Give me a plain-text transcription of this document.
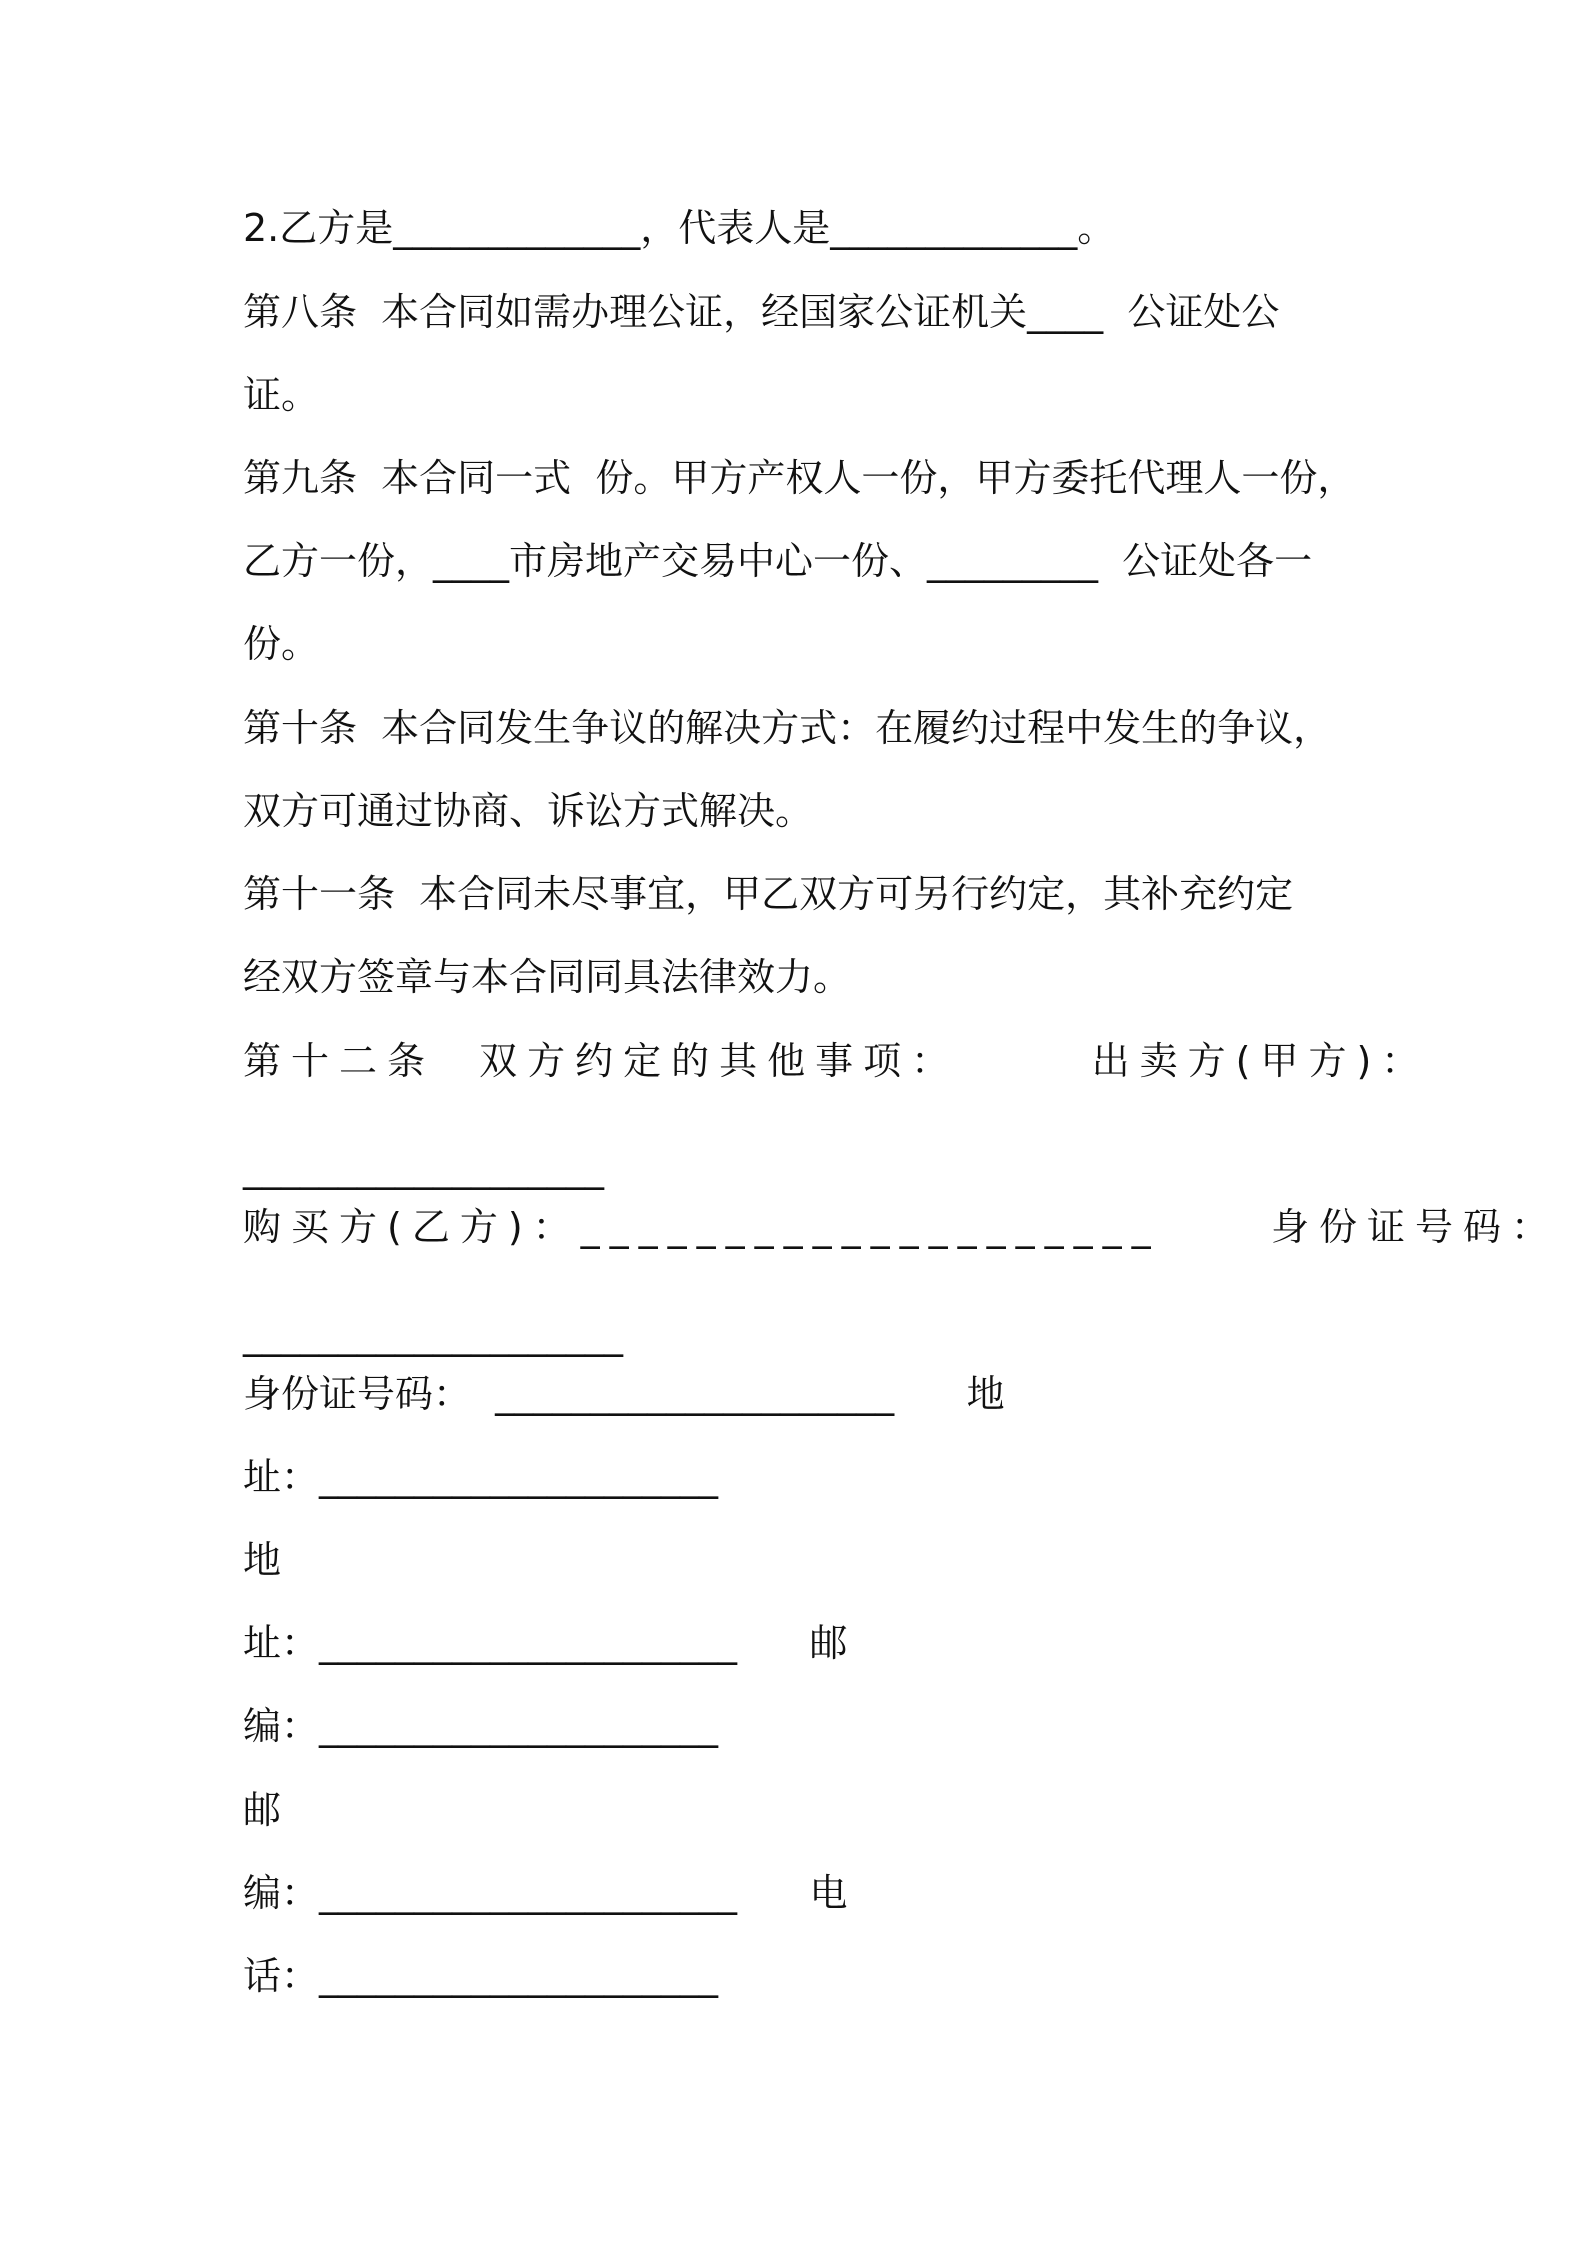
2.乙方是_____________，代表人是_____________。
第八条  本合同如需办理公证，经国家公证机关____  公证处公
证。
第九条  本合同一式  份。甲方产权人一份，甲方委托代理人一份，
乙方一份，____市房地产交易中心一份、_________  公证处各一
份。
第十条  本合同发生争议的解决方式：在履约过程中发生的争议，
双方可通过协商、诉讼方式解决。
第十一条  本合同未尽事宜，甲乙双方可另行约定，其补充约定
经双方签章与本合同同具法律效力。
第十二条  双方约定的其他事项：      出卖方(甲方)：
___________________
购买方(乙方)：____________________     身份证号码：
____________________
身份证号码：  _____________________      地
址：_____________________
地
址：______________________      邮
编：_____________________
邮
编：______________________      电
话：_____________________
